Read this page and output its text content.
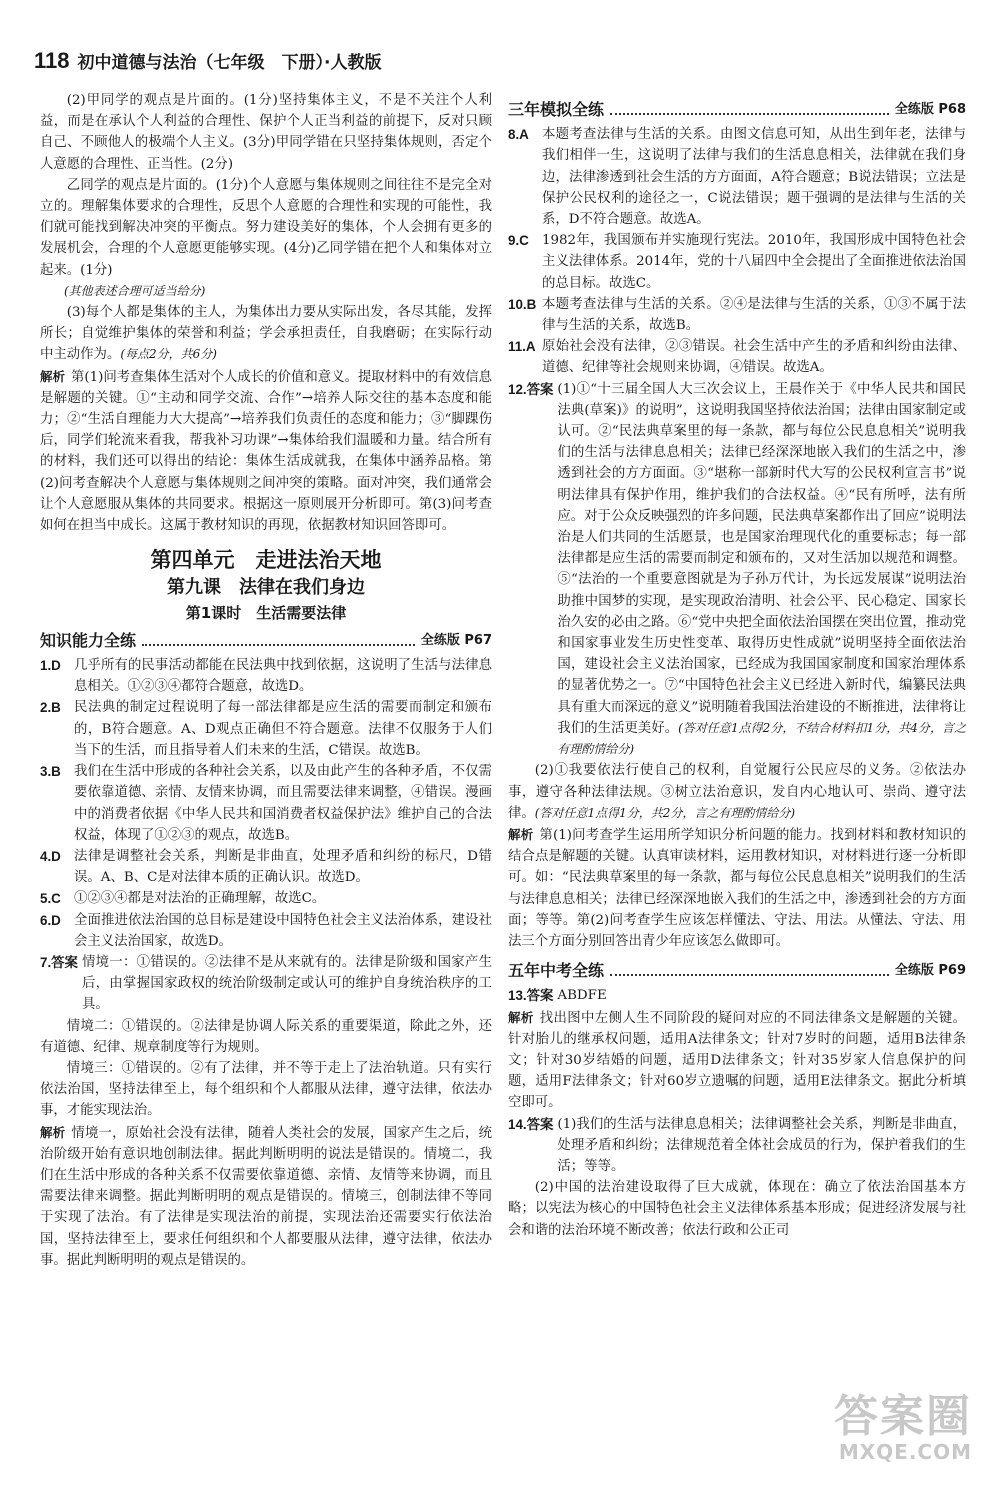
118 初中道德与法治（七年级　下册）·人教版

(2)甲同学的观点是片面的。(1分)坚持集体主义，不是不关注个人利益，而是在承认个人利益的合理性、保护个人正当利益的前提下，反对只顾自己、不顾他人的极端个人主义。(3分)甲同学错在只坚持集体规则，否定个人意愿的合理性、正当性。(2分)

乙同学的观点是片面的。(1分)个人意愿与集体规则之间往往不是完全对立的。理解集体要求的合理性，反思个人意愿的合理性和实现的可能性，我们就可能找到解决冲突的平衡点。努力建设美好的集体，个人会拥有更多的发展机会，合理的个人意愿更能够实现。(4分)乙同学错在把个人和集体对立起来。(1分)

(其他表述合理可适当给分)

(3)每个人都是集体的主人，为集体出力要从实际出发，各尽其能，发挥所长；自觉维护集体的荣誉和利益；学会承担责任，自我磨砺；在实际行动中主动作为。(每点2分，共6分)

解析 第(1)问考查集体生活对个人成长的价值和意义。提取材料中的有效信息是解题的关键。①“主动和同学交流、合作”→培养人际交往的基本态度和能力；②“生活自理能力大大提高”→培养我们负责任的态度和能力；③“脚踝伤后，同学们轮流来看我，帮我补习功课”→集体给我们温暖和力量。结合所有的材料，我们还可以得出的结论：集体生活成就我，在集体中涵养品格。第(2)问考查解决个人意愿与集体规则之间冲突的策略。面对冲突，我们通常会让个人意愿服从集体的共同要求。根据这一原则展开分析即可。第(3)问考查如何在担当中成长。这属于教材知识的再现，依据教材知识回答即可。

第四单元　走进法治天地
第九课　法律在我们身边
第1课时　生活需要法律
知识能力全练	全练版 P67
1.D 几乎所有的民事活动都能在民法典中找到依据，这说明了生活与法律息息相关。①②③④都符合题意，故选D。

2.B 民法典的制定过程说明了每一部法律都是应生活的需要而制定和颁布的，B符合题意。A、D观点正确但不符合题意。法律不仅服务于人们当下的生活，而且指导着人们未来的生活，C错误。故选B。

3.B 我们在生活中形成的各种社会关系，以及由此产生的各种矛盾，不仅需要依靠道德、亲情、友情来协调，而且需要法律来调整，④错误。漫画中的消费者依据《中华人民共和国消费者权益保护法》维护自己的合法权益，体现了①②③的观点，故选B。

4.D 法律是调整社会关系，判断是非曲直，处理矛盾和纠纷的标尺，D错误。A、B、C是对法律本质的正确认识。故选D。

5.C ①②③④都是对法治的正确理解，故选C。

6.D 全面推进依法治国的总目标是建设中国特色社会主义法治体系，建设社会主义法治国家，故选D。

7.答案 情境一：①错误的。②法律不是从来就有的。法律是阶级和国家产生后，由掌握国家政权的统治阶级制定或认可的维护自身统治秩序的工具。

情境二：①错误的。②法律是协调人际关系的重要渠道，除此之外，还有道德、纪律、规章制度等行为规则。

情境三：①错误的。②有了法律，并不等于走上了法治轨道。只有实行依法治国，坚持法律至上，每个组织和个人都服从法律，遵守法律，依法办事，才能实现法治。

解析 情境一，原始社会没有法律，随着人类社会的发展，国家产生之后，统治阶级开始有意识地创制法律。据此判断明明的说法是错误的。情境二，我们在生活中形成的各种关系不仅需要依靠道德、亲情、友情等来协调，而且需要法律来调整。据此判断明明的观点是错误的。情境三，创制法律不等同于实现了法治。有了法律是实现法治的前提，实现法治还需要实行依法治国，坚持法律至上，要求任何组织和个人都要服从法律，遵守法律，依法办事。据此判断明明的观点是错误的。

三年模拟全练	全练版 P68
8.A 本题考查法律与生活的关系。由图文信息可知，从出生到年老，法律与我们相伴一生，这说明了法律与我们的生活息息相关，法律就在我们身边，法律渗透到社会生活的方方面面，A符合题意；B说法错误；立法是保护公民权利的途径之一，C说法错误；题干强调的是法律与生活的关系，D不符合题意。故选A。

9.C 1982年，我国颁布并实施现行宪法。2010年，我国形成中国特色社会主义法律体系。2014年，党的十八届四中全会提出了全面推进依法治国的总目标。故选C。

10.B 本题考查法律与生活的关系。②④是法律与生活的关系，①③不属于法律与生活的关系，故选B。

11.A 原始社会没有法律，②③错误。社会生活中产生的矛盾和纠纷由法律、道德、纪律等社会规则来协调，④错误。故选A。

12.答案 (1)①“十三届全国人大三次会议上，王晨作关于《中华人民共和国民法典(草案)》的说明”，这说明我国坚持依法治国；法律由国家制定或认可。②“民法典草案里的每一条款，都与每位公民息息相关”说明我们的生活与法律息息相关；法律已经深深地嵌入我们的生活之中，渗透到社会的方方面面。③“堪称一部新时代大写的公民权利宣言书”说明法律具有保护作用，维护我们的合法权益。④“民有所呼，法有所应。对于公众反映强烈的许多问题，民法典草案都作出了回应”说明法治是人们共同的生活愿景，也是国家治理现代化的重要标志；每一部法律都是应生活的需要而制定和颁布的，又对生活加以规范和调整。⑤“法治的一个重要意图就是为子孙万代计，为长远发展谋”说明法治助推中国梦的实现，是实现政治清明、社会公平、民心稳定、国家长治久安的必由之路。⑥“党中央把全面依法治国摆在突出位置，推动党和国家事业发生历史性变革、取得历史性成就”说明坚持全面依法治国，建设社会主义法治国家，已经成为我国国家制度和国家治理体系的显著优势之一。⑦“中国特色社会主义已经进入新时代，编纂民法典具有重大而深远的意义”说明随着我国法治建设的不断推进，法律将让我们的生活更美好。(答对任意1点得2分，不结合材料扣1分，共4分，言之有理酌情给分)

(2)①我要依法行使自己的权利，自觉履行公民应尽的义务。②依法办事，遵守各种法律法规。③树立法治意识，发自内心地认可、崇尚、遵守法律。(答对任意1点得1分，共2分，言之有理酌情给分)

解析 第(1)问考查学生运用所学知识分析问题的能力。找到材料和教材知识的结合点是解题的关键。认真审读材料，运用教材知识，对材料进行逐一分析即可。如：“民法典草案里的每一条款，都与每位公民息息相关”说明我们的生活与法律息息相关；法律已经深深地嵌入我们的生活之中，渗透到社会的方方面面；等等。第(2)问考查学生应该怎样懂法、守法、用法。从懂法、守法、用法三个方面分别回答出青少年应该怎么做即可。

五年中考全练	全练版 P69
13.答案 ABDFE

解析 找出图中左侧人生不同阶段的疑问对应的不同法律条文是解题的关键。针对胎儿的继承权问题，适用A法律条文；针对7岁时的问题，适用B法律条文；针对30岁结婚的问题，适用D法律条文；针对35岁家人信息保护的问题，适用F法律条文；针对60岁立遗嘱的问题，适用E法律条文。据此分析填空即可。

14.答案 (1)我们的生活与法律息息相关；法律调整社会关系，判断是非曲直，处理矛盾和纠纷；法律规范着全体社会成员的行为，保护着我们的生活；等等。

(2)中国的法治建设取得了巨大成就，体现在：确立了依法治国基本方略；以宪法为核心的中国特色社会主义法律体系基本形成；促进经济发展与社会和谐的法治环境不断改善；依法行政和公正司

答案圈
MXQE.COM
